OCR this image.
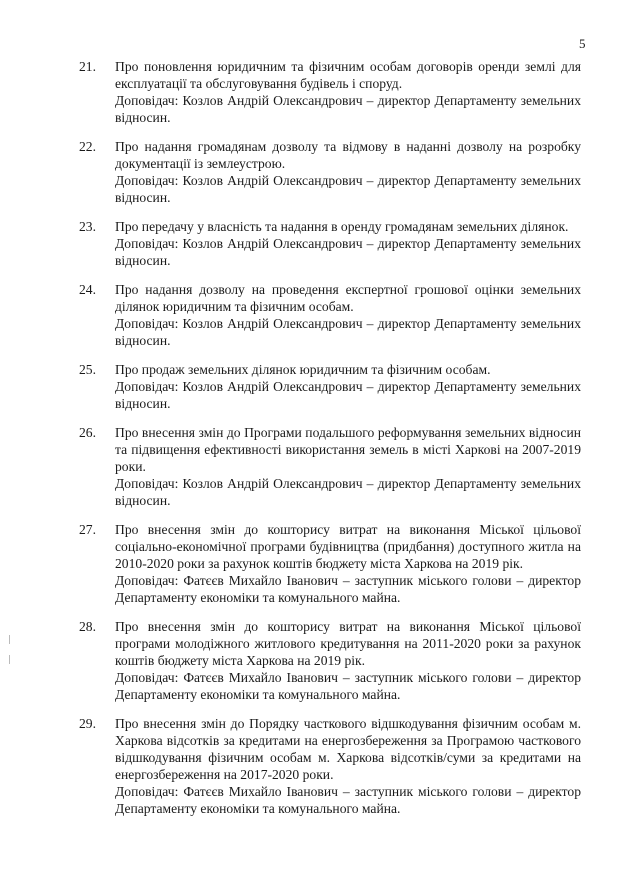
5
21. Про поновлення юридичним та фізичним особам договорів оренди землі для експлуатації та обслуговування будівель і споруд.
Доповідач: Козлов Андрій Олександрович – директор Департаменту земельних відносин.
22. Про надання громадянам дозволу та відмову в наданні дозволу на розробку документації із землеустрою.
Доповідач: Козлов Андрій Олександрович – директор Департаменту земельних відносин.
23. Про передачу у власність та надання в оренду громадянам земельних ділянок.
Доповідач: Козлов Андрій Олександрович – директор Департаменту земельних відносин.
24. Про надання дозволу на проведення експертної грошової оцінки земельних ділянок юридичним та фізичним особам.
Доповідач: Козлов Андрій Олександрович – директор Департаменту земельних відносин.
25. Про продаж земельних ділянок юридичним та фізичним особам.
Доповідач: Козлов Андрій Олександрович – директор Департаменту земельних відносин.
26. Про внесення змін до Програми подальшого реформування земельних відносин та підвищення ефективності використання земель в місті Харкові на 2007-2019 роки.
Доповідач: Козлов Андрій Олександрович – директор Департаменту земельних відносин.
27. Про внесення змін до кошторису витрат на виконання Міської цільової соціально-економічної програми будівництва (придбання) доступного житла на 2010-2020 роки за рахунок коштів бюджету міста Харкова на 2019 рік.
Доповідач: Фатєєв Михайло Іванович – заступник міського голови – директор Департаменту економіки та комунального майна.
28. Про внесення змін до кошторису витрат на виконання Міської цільової програми молодіжного житлового кредитування на 2011-2020 роки за рахунок коштів бюджету міста Харкова на 2019 рік.
Доповідач: Фатєєв Михайло Іванович – заступник міського голови – директор Департаменту економіки та комунального майна.
29. Про внесення змін до Порядку часткового відшкодування фізичним особам м. Харкова відсотків за кредитами на енергозбереження за Програмою часткового відшкодування фізичним особам м. Харкова відсотків/суми за кредитами на енергозбереження на 2017-2020 роки.
Доповідач: Фатєєв Михайло Іванович – заступник міського голови – директор Департаменту економіки та комунального майна.
